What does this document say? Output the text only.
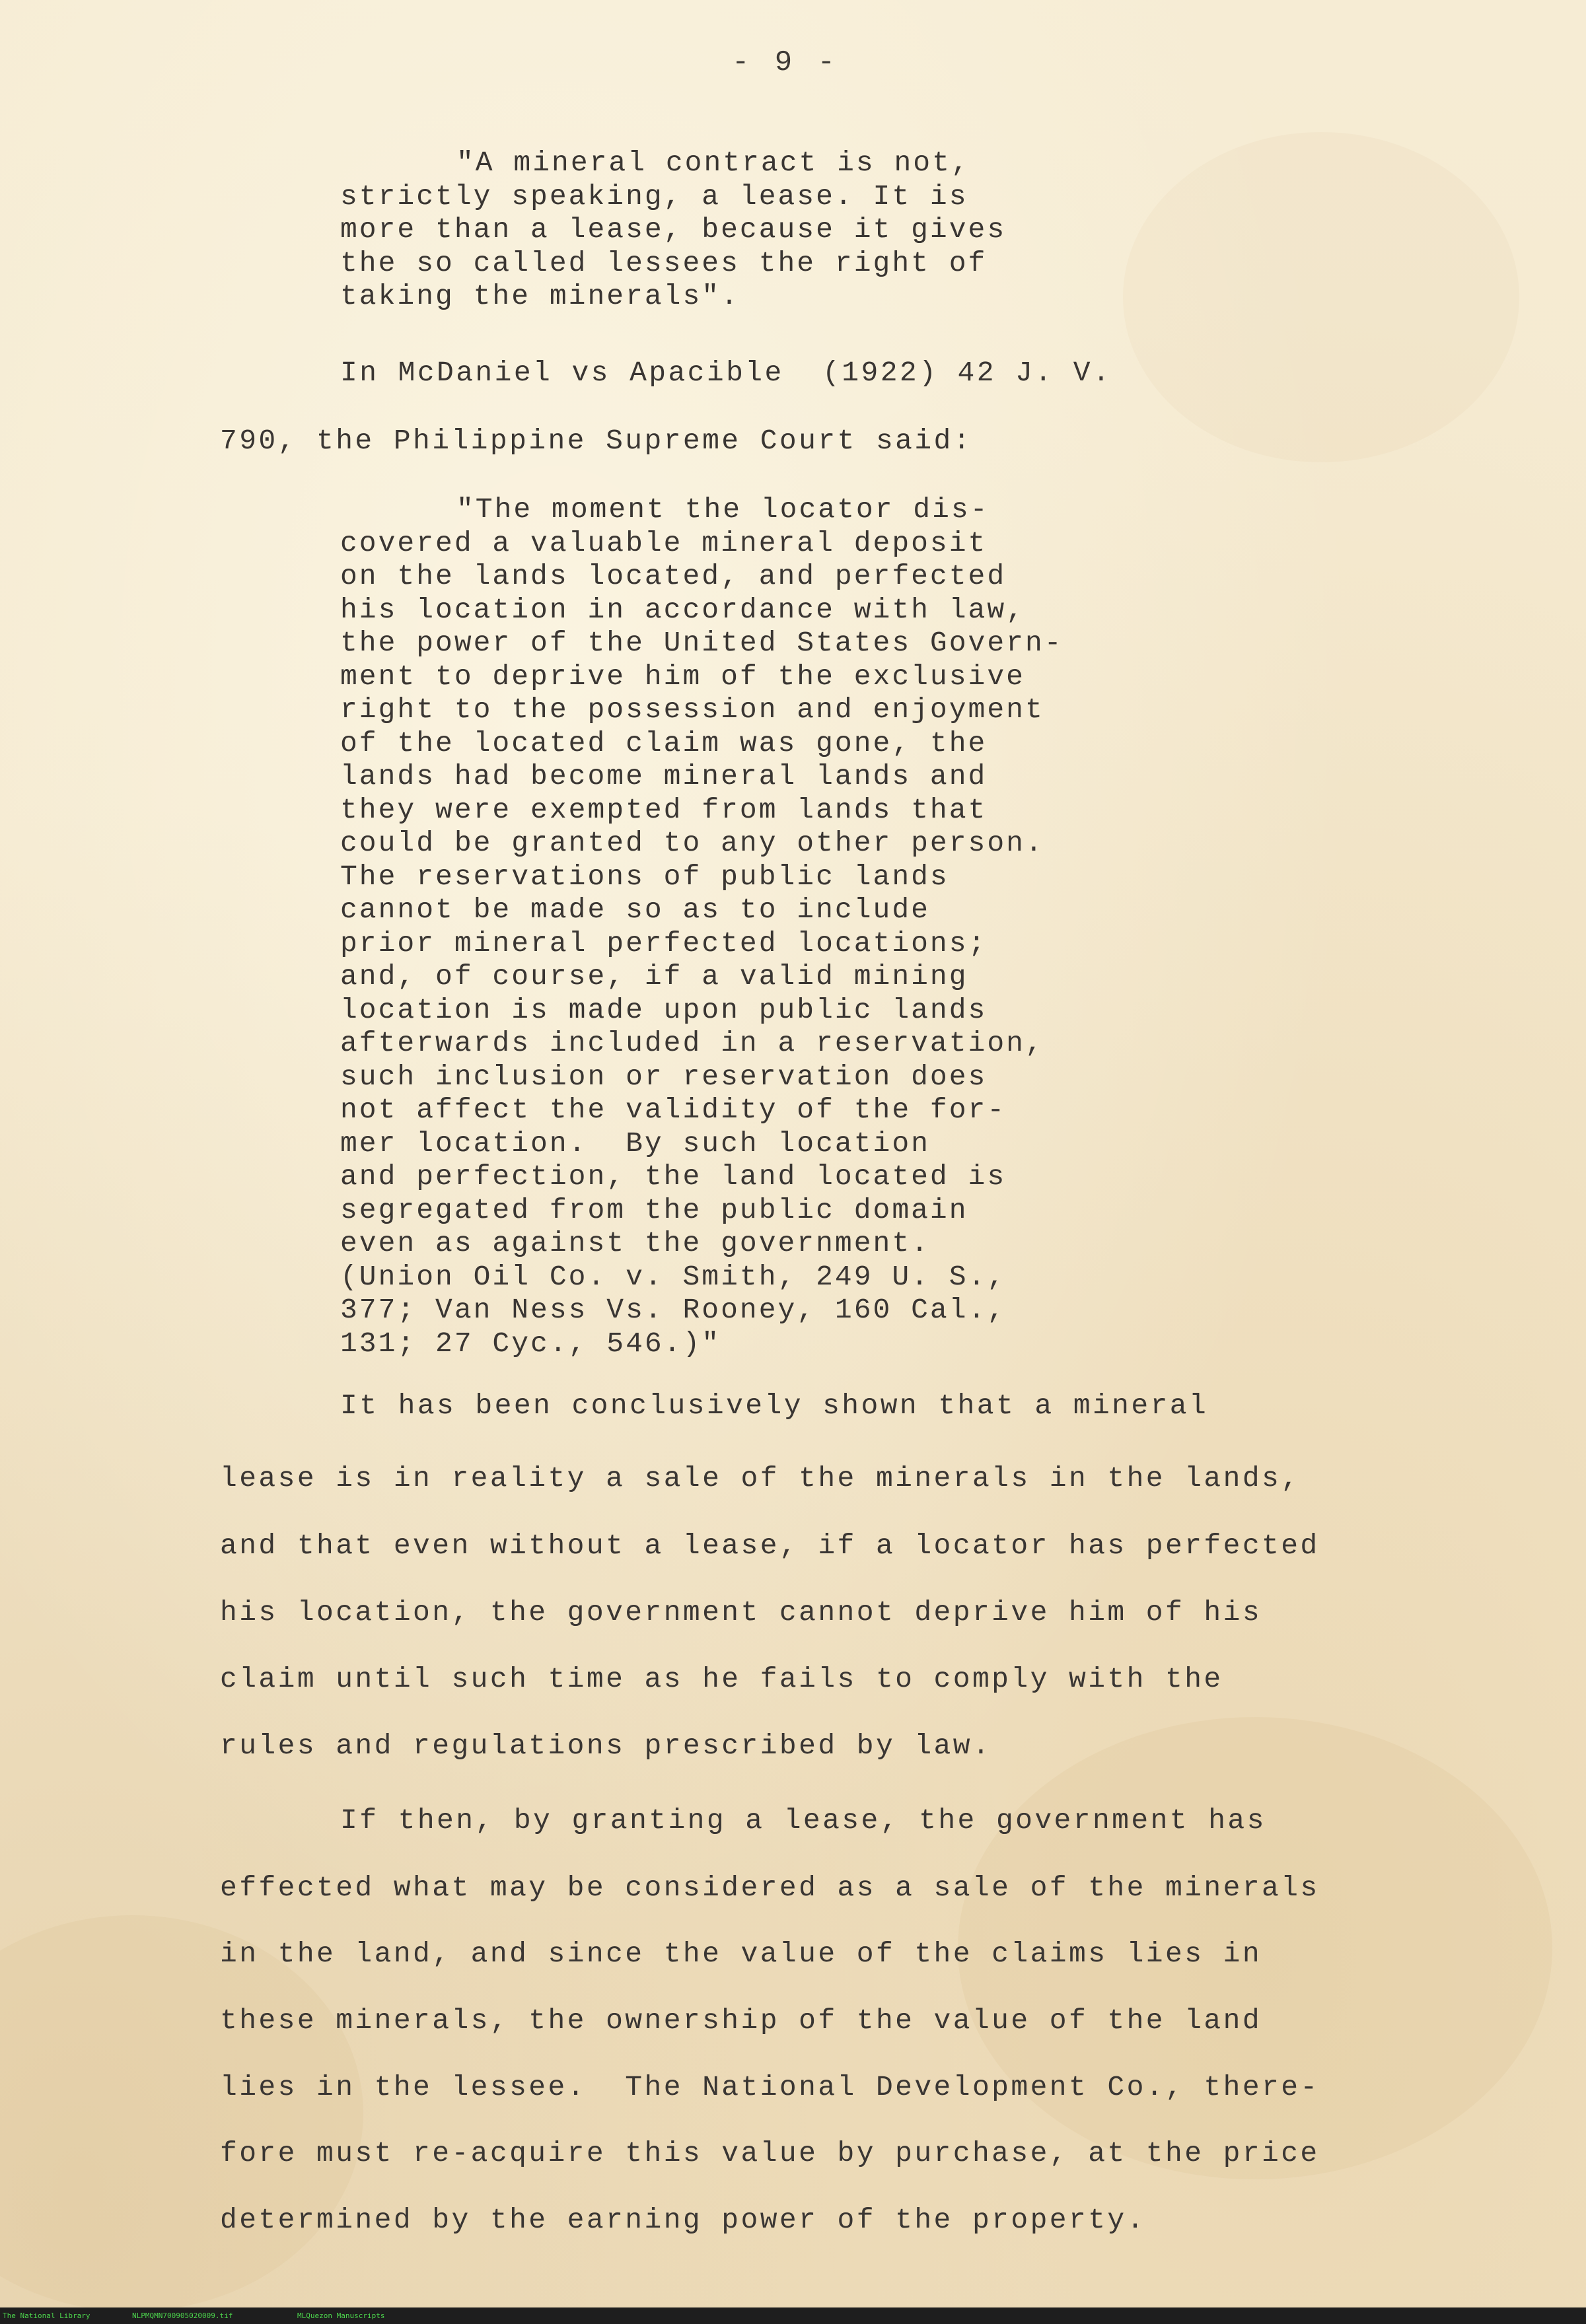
- 9 -
"A mineral contract is not,
strictly speaking, a lease. It is
more than a lease, because it gives
the so called lessees the right of
taking the minerals".
In McDaniel vs Apacible  (1922) 42 J. V.
790, the Philippine Supreme Court said:
"The moment the locator dis-
covered a valuable mineral deposit
on the lands located, and perfected
his location in accordance with law,
the power of the United States Govern-
ment to deprive him of the exclusive
right to the possession and enjoyment
of the located claim was gone, the
lands had become mineral lands and
they were exempted from lands that
could be granted to any other person.
The reservations of public lands
cannot be made so as to include
prior mineral perfected locations;
and, of course, if a valid mining
location is made upon public lands
afterwards included in a reservation,
such inclusion or reservation does
not affect the validity of the for-
mer location.  By such location
and perfection, the land located is
segregated from the public domain
even as against the government.
(Union Oil Co. v. Smith, 249 U. S.,
377; Van Ness Vs. Rooney, 160 Cal.,
131; 27 Cyc., 546.)"
It has been conclusively shown that a mineral
lease is in reality a sale of the minerals in the lands,
and that even without a lease, if a locator has perfected
his location, the government cannot deprive him of his
claim until such time as he fails to comply with the
rules and regulations prescribed by law.
If then, by granting a lease, the government has
effected what may be considered as a sale of the minerals
in the land, and since the value of the claims lies in
these minerals, the ownership of the value of the land
lies in the lessee.  The National Development Co., there-
fore must re-acquire this value by purchase, at the price
determined by the earning power of the property.
The National Library	NLPMQMN700905020009.tif	MLQuezon Manuscripts
